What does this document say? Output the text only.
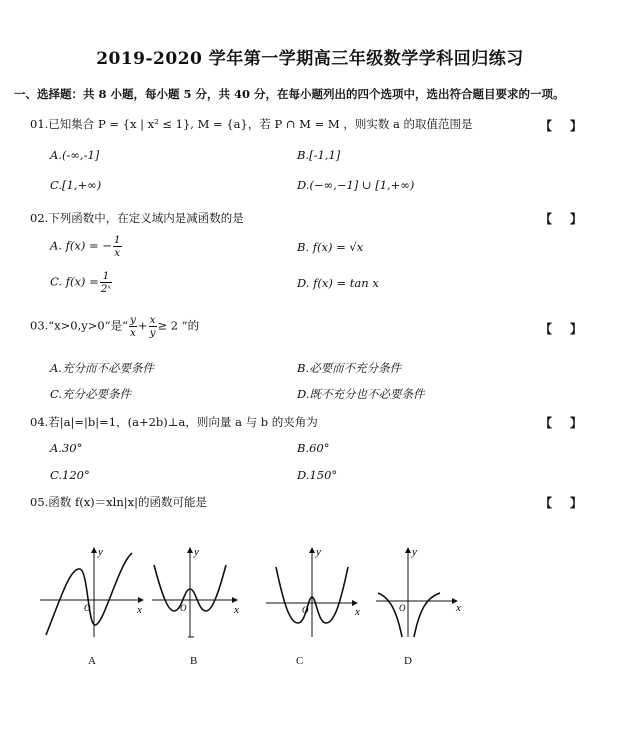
2019-2020 学年第一学期高三年级数学学科回归练习
一、选择题：共 8 小题，每小题 5 分，共 40 分，在每小题列出的四个选项中，选出符合题目要求的一项。
01.已知集合 P = {x | x² ≤ 1}, M = {a}，若 P ∩ M = M ，则实数 a 的取值范围是	【 】
A.(-∞,-1]	B.[-1,1]
C.[1,+∞)	D.(−∞,−1] ∪ [1,+∞)
02.下列函数中，在定义域内是减函数的是	【 】
A. f(x) = − $\frac{1}{x}$	B. f(x) = √x
C. $f(x) = \frac{1}{\text{2ˣ}}$	D. f(x) = tan x
03.“x>0,y>0”是“ $\frac{y}{x} + \frac{x}{y} \ge 2$ ”的	【 】
A.充分而不必要条件	B.必要而不充分条件
C.充分必要条件	D.既不充分也不必要条件
04.若|a|=|b|=1，(a+2b)⊥a，则向量 a 与 b 的夹角为	【 】
A.30°	B.60°
C.120°	D.150°
05.函数 f(x)＝xln|x|的函数可能是	【 】
y
x
O
y
x
O
y
x
O
y
x
O
A	B	C	D
